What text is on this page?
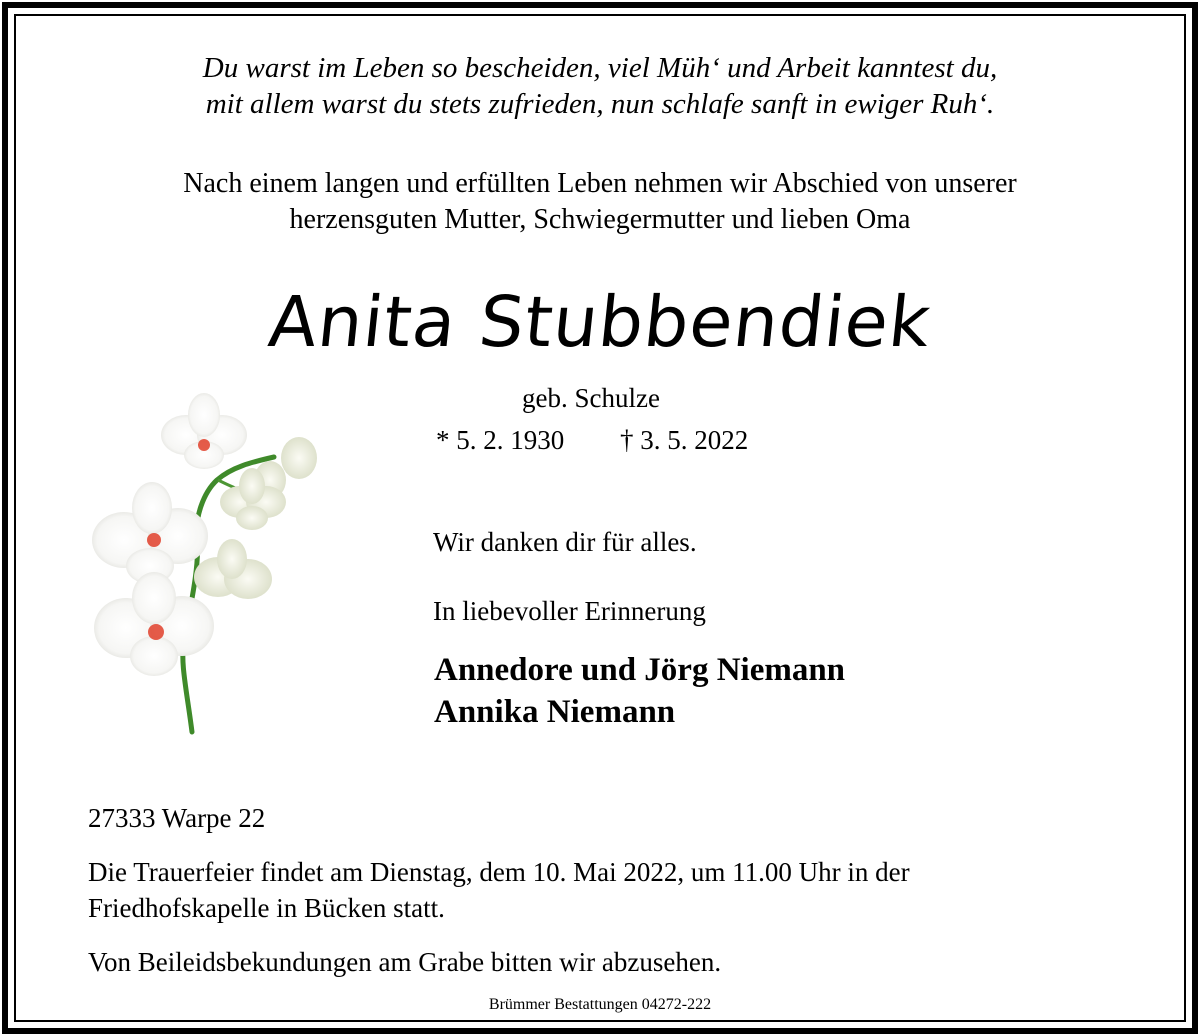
Du warst im Leben so bescheiden, viel Müh‘ und Arbeit kanntest du,
mit allem warst du stets zufrieden, nun schlafe sanft in ewiger Ruh‘.
Nach einem langen und erfüllten Leben nehmen wir Abschied von unserer
herzensguten Mutter, Schwiegermutter und lieben Oma
Anita Stubbendiek
geb. Schulze
* 5. 2. 1930 † 3. 5. 2022
Wir danken dir für alles.
In liebevoller Erinnerung
Annedore und Jörg Niemann
Annika Niemann
27333 Warpe 22
Die Trauerfeier findet am Dienstag, dem 10. Mai 2022, um 11.00 Uhr in der
Friedhofskapelle in Bücken statt.
Von Beileidsbekundungen am Grabe bitten wir abzusehen.
Brümmer Bestattungen 04272-222
